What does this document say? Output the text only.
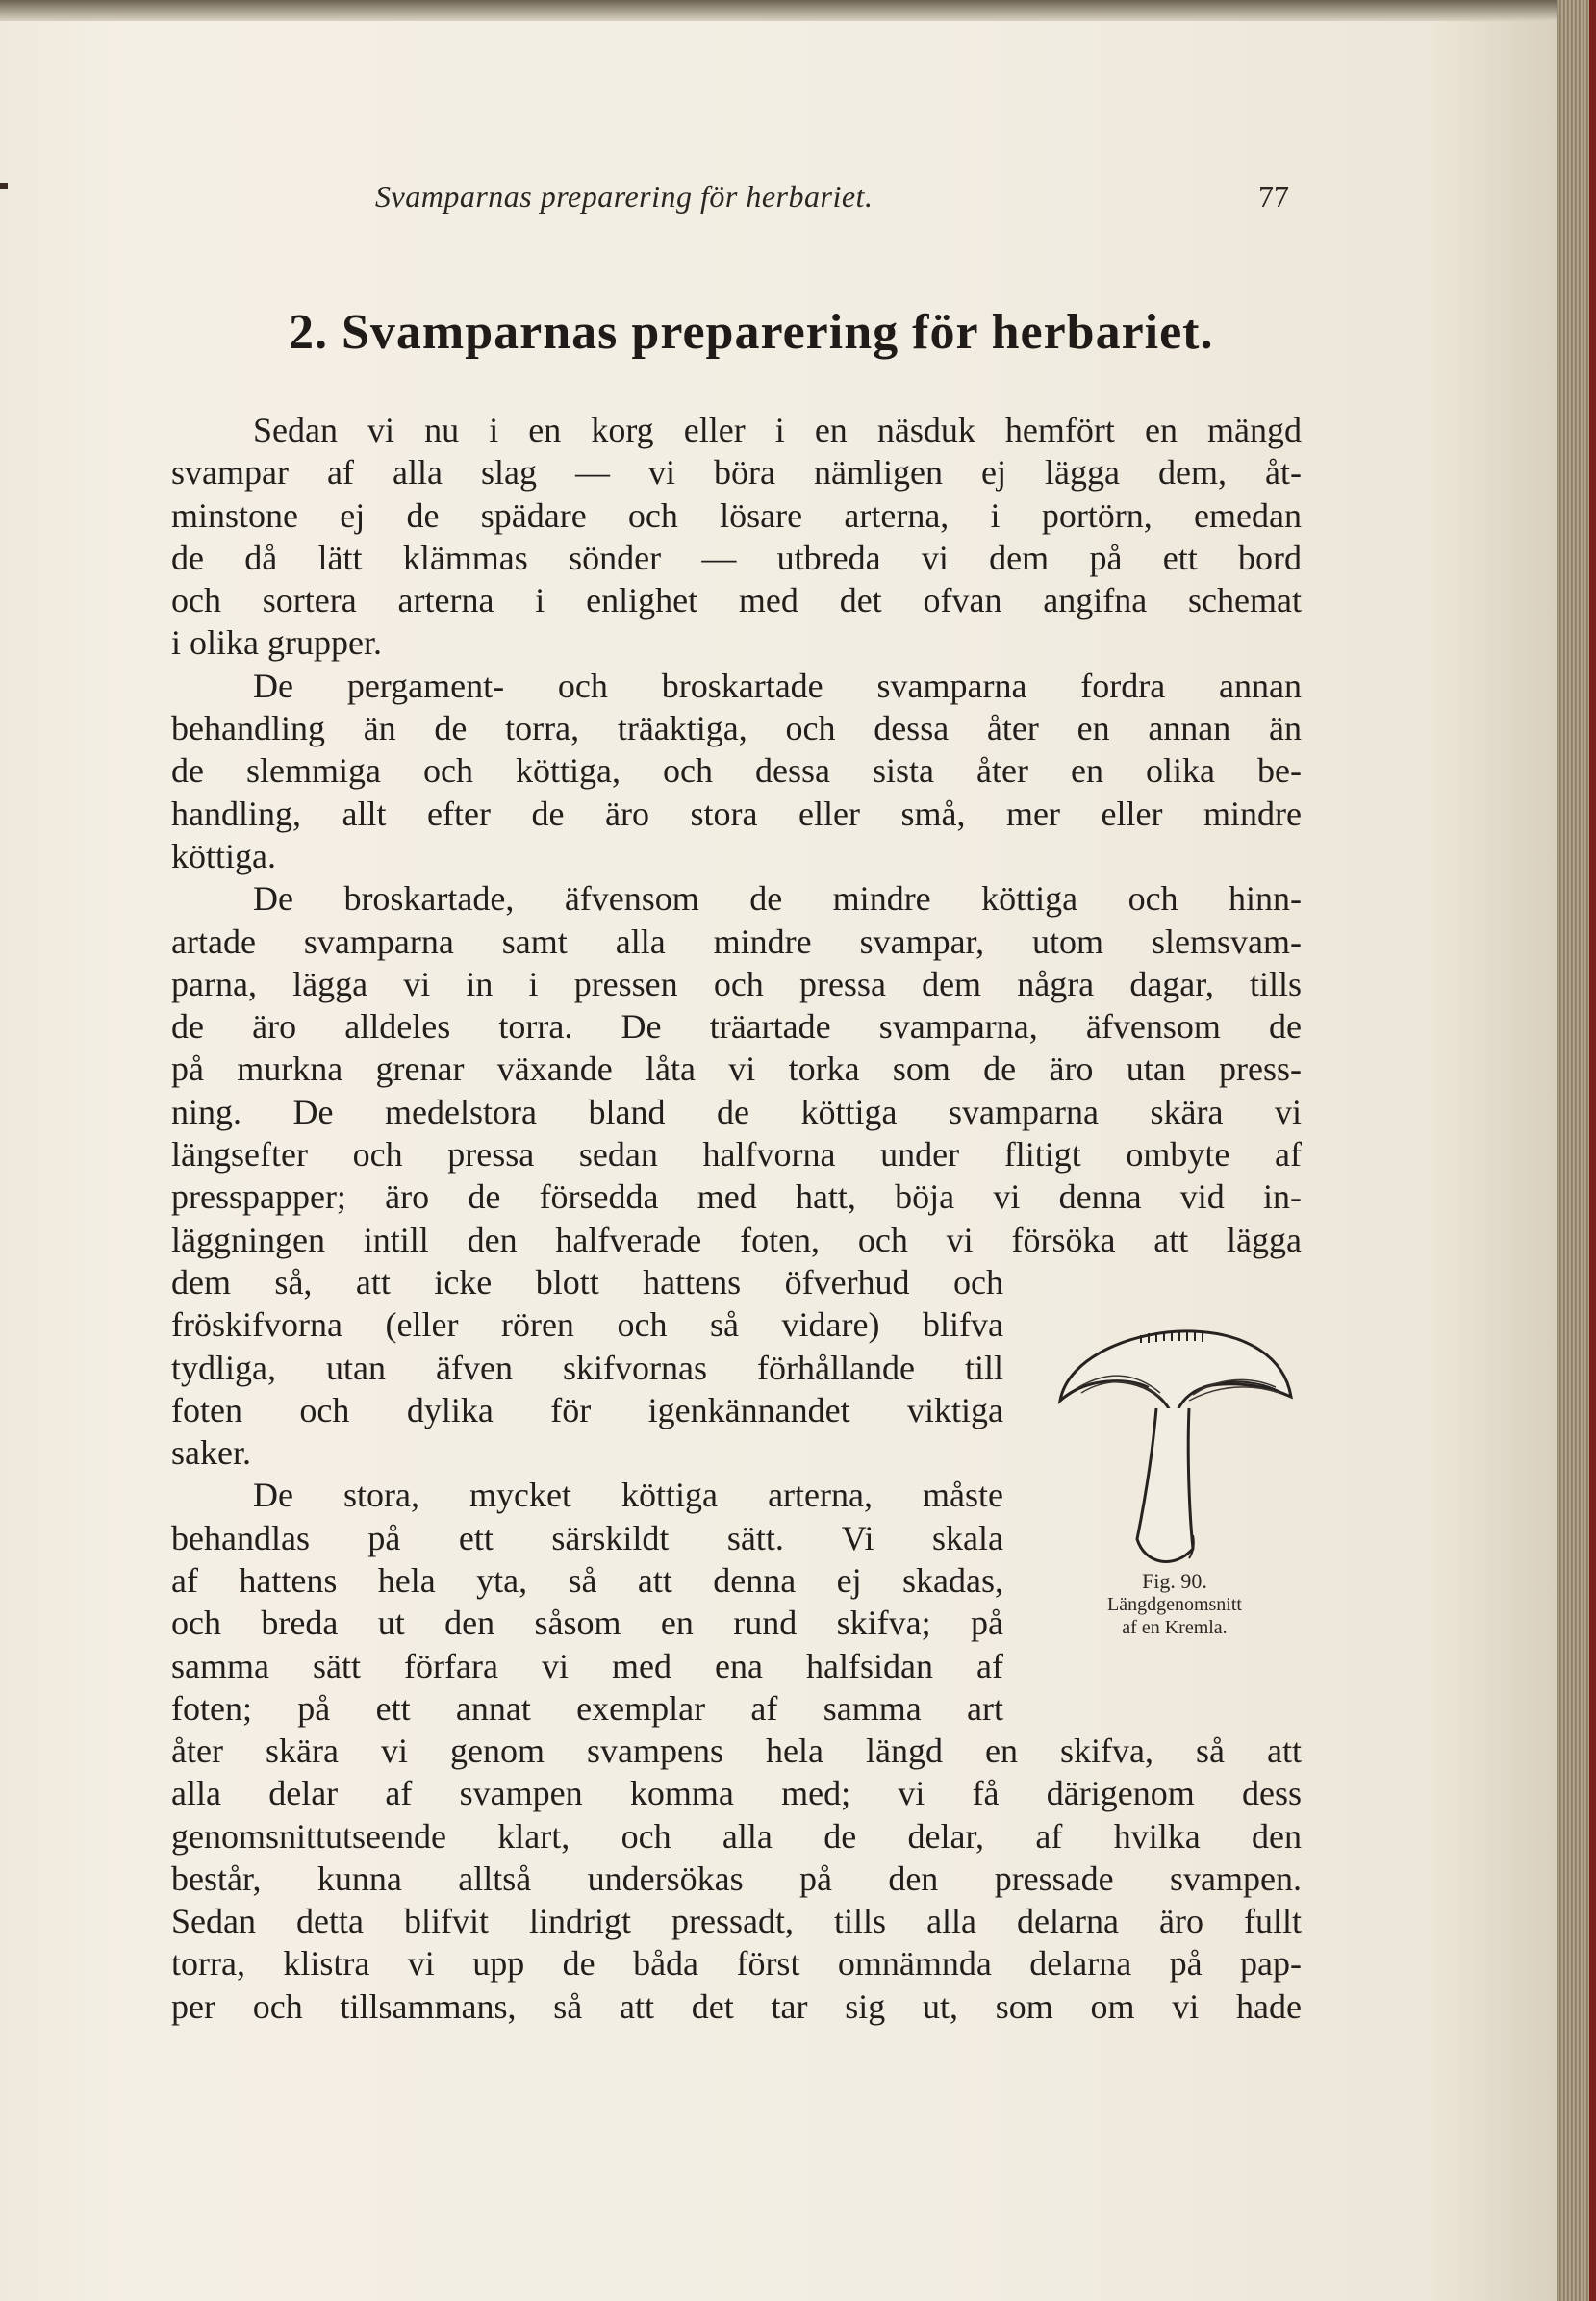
Svamparnas preparering för herbariet.	77
2. Svamparnas preparering för herbariet.
Sedan vi nu i en korg eller i en näsduk hemfört en mängd
svampar af alla slag — vi böra nämligen ej lägga dem, åt-
minstone ej de spädare och lösare arterna, i portörn, emedan
de då lätt klämmas sönder — utbreda vi dem på ett bord
och sortera arterna i enlighet med det ofvan angifna schemat
i olika grupper.
De pergament- och broskartade svamparna fordra annan
behandling än de torra, träaktiga, och dessa åter en annan än
de slemmiga och köttiga, och dessa sista åter en olika be-
handling, allt efter de äro stora eller små, mer eller mindre
köttiga.
De broskartade, äfvensom de mindre köttiga och hinn-
artade svamparna samt alla mindre svampar, utom slemsvam-
parna, lägga vi in i pressen och pressa dem några dagar, tills
de äro alldeles torra. De träartade svamparna, äfvensom de
på murkna grenar växande låta vi torka som de äro utan press-
ning. De medelstora bland de köttiga svamparna skära vi
längsefter och pressa sedan halfvorna under flitigt ombyte af
presspapper; äro de försedda med hatt, böja vi denna vid in-
läggningen intill den halfverade foten, och vi försöka att lägga
dem så, att icke blott hattens öfverhud och
fröskifvorna (eller rören och så vidare) blifva
tydliga, utan äfven skifvornas förhållande till
foten och dylika för igenkännandet viktiga
saker.
De stora, mycket köttiga arterna, måste
behandlas på ett särskildt sätt. Vi skala
af hattens hela yta, så att denna ej skadas,
och breda ut den såsom en rund skifva; på
samma sätt förfara vi med ena halfsidan af
foten; på ett annat exemplar af samma art
åter skära vi genom svampens hela längd en skifva, så att
alla delar af svampen komma med; vi få därigenom dess
genomsnittutseende klart, och alla de delar, af hvilka den
består, kunna alltså undersökas på den pressade svampen.
Sedan detta blifvit lindrigt pressadt, tills alla delarna äro fullt
torra, klistra vi upp de båda först omnämnda delarna på pap-
per och tillsammans, så att det tar sig ut, som om vi hade
Fig. 90.
Längdgenomsnitt
af en Kremla.
